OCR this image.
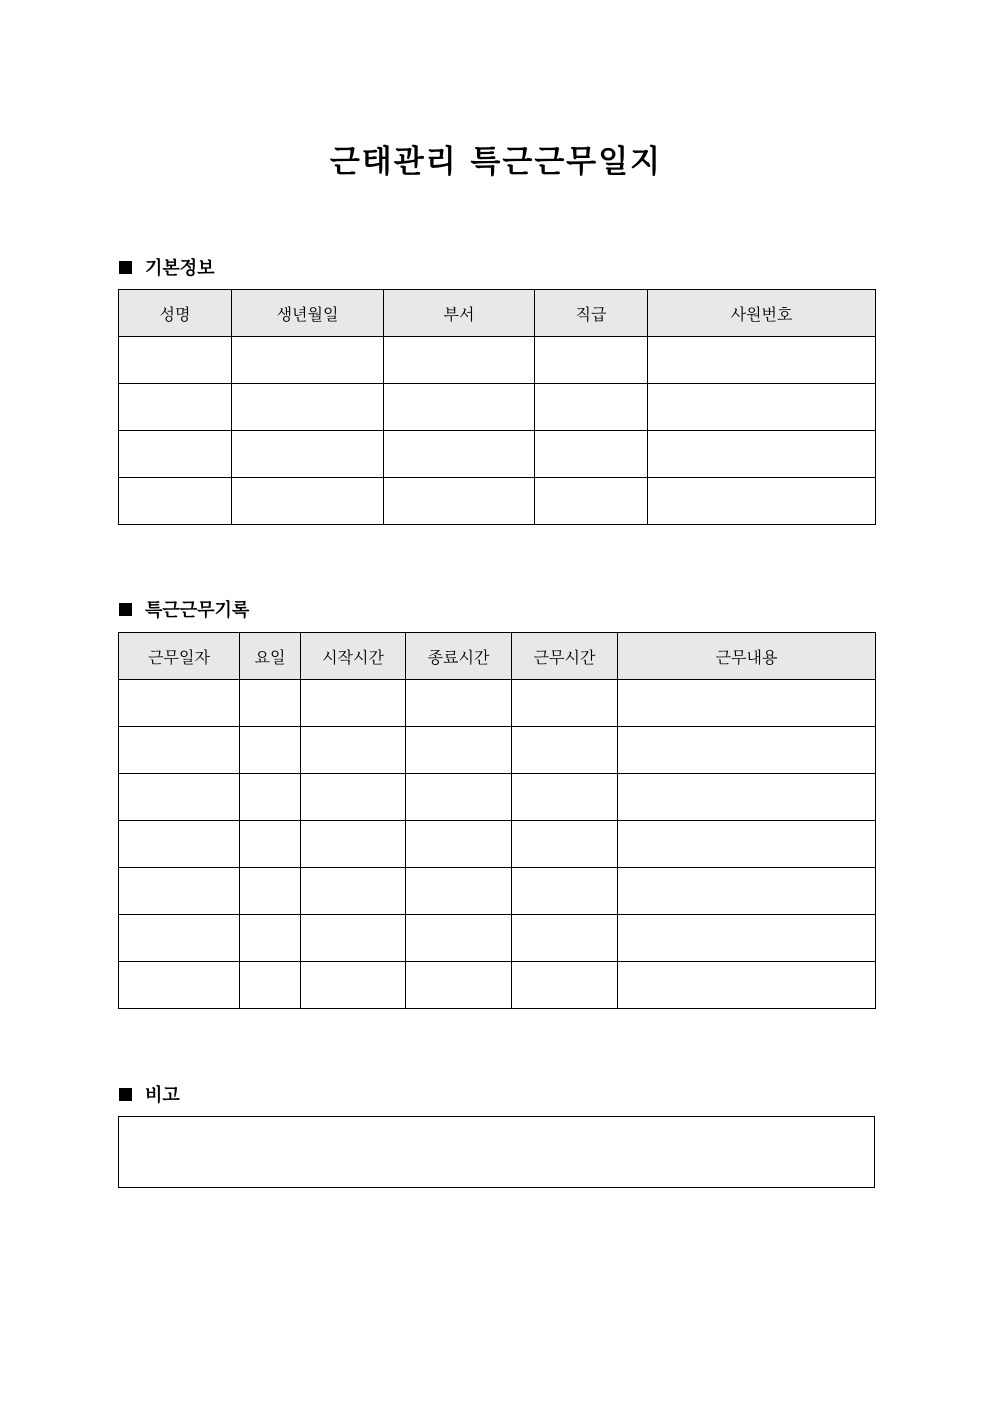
근태관리 특근근무일지
기본정보
성명	생년월일	부서	직급	사원번호

특근근무기록
근무일자	요일	시작시간	종료시간	근무시간	근무내용

비고
